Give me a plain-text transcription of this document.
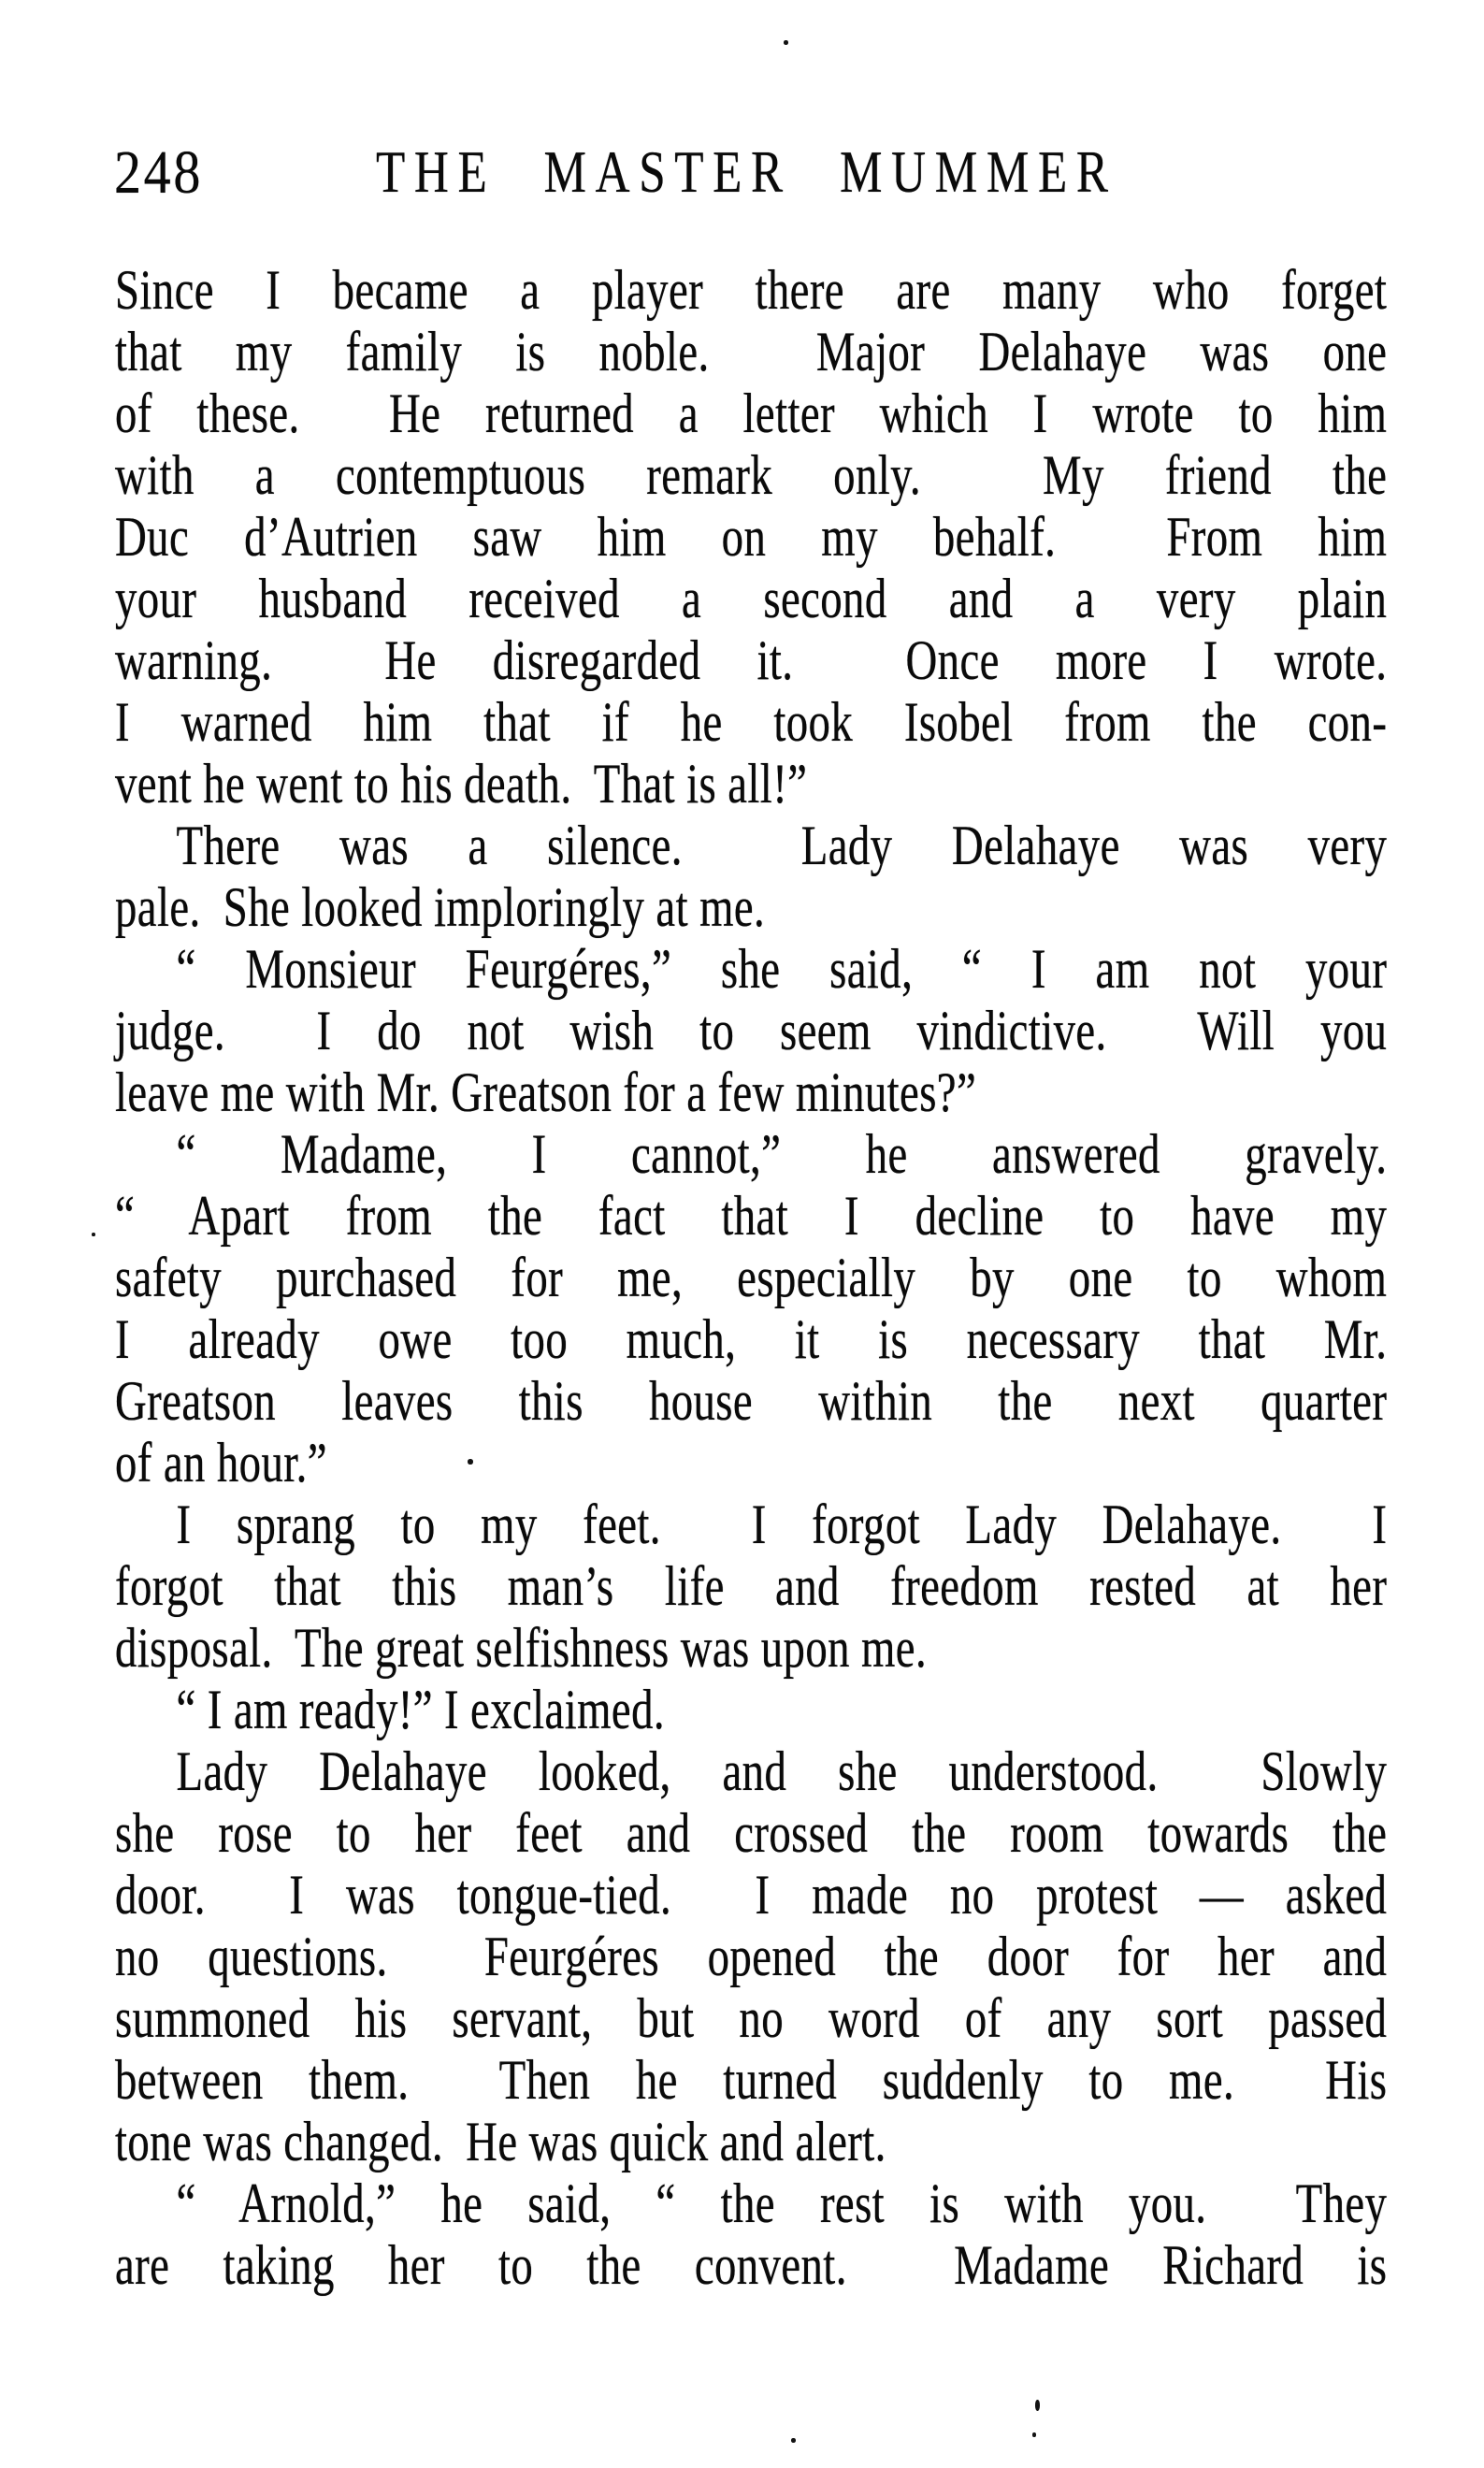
248	THE MASTER MUMMER
Since I became a player there are many who forget
that my family is noble.  Major Delahaye was one
of these.  He returned a letter which I wrote to him
with a contemptuous remark only.  My friend the
Duc d’Autrien saw him on my behalf.  From him
your husband received a second and a very plain
warning.  He disregarded it.  Once more I wrote.
I warned him that if he took Isobel from the con-
vent he went to his death.  That is all!”
There was a silence.  Lady Delahaye was very
pale.  She looked imploringly at me.
“ Monsieur Feurgéres,” she said, “ I am not your
judge.  I do not wish to seem vindictive.  Will you
leave me with Mr. Greatson for a few minutes?”
“ Madame, I cannot,” he answered gravely.
“ Apart from the fact that I decline to have my
safety purchased for me, especially by one to whom
I already owe too much, it is necessary that Mr.
Greatson leaves this house within the next quarter
of an hour.”
I sprang to my feet.  I forgot Lady Delahaye.  I
forgot that this man’s life and freedom rested at her
disposal.  The great selfishness was upon me.
“ I am ready!” I exclaimed.
Lady Delahaye looked, and she understood.  Slowly
she rose to her feet and crossed the room towards the
door.  I was tongue-tied.  I made no protest — asked
no questions.  Feurgéres opened the door for her and
summoned his servant, but no word of any sort passed
between them.  Then he turned suddenly to me.  His
tone was changed.  He was quick and alert.
“ Arnold,” he said, “ the rest is with you.  They
are taking her to the convent.  Madame Richard is
